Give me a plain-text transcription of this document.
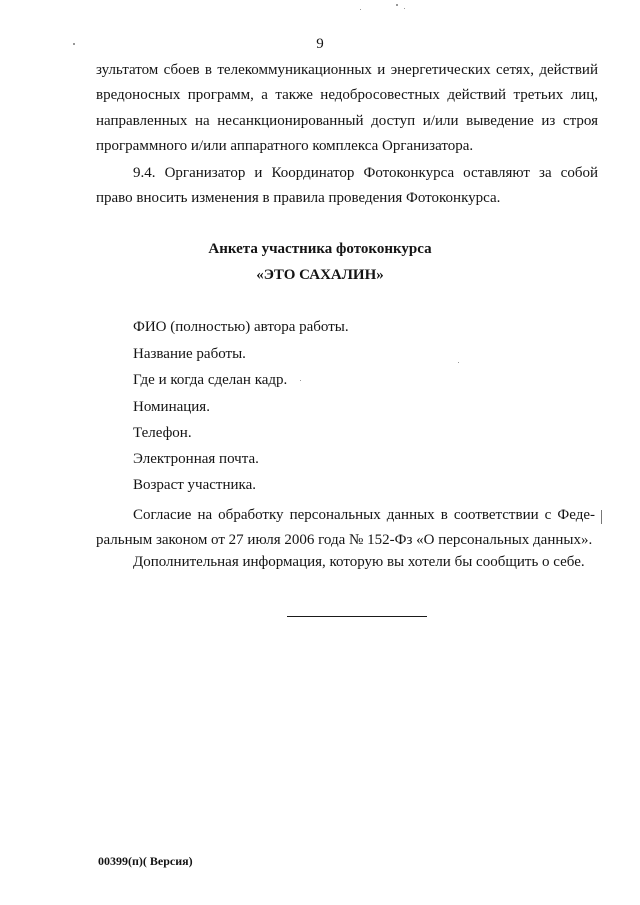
9
зультатом сбоев в телекоммуникационных и энергетических сетях, действий
вредоносных программ, а также недобросовестных действий третьих лиц,
направленных на несанкционированный доступ и/или выведение из строя
программного и/или аппаратного комплекса Организатора.
9.4. Организатор и Координатор Фотоконкурса оставляют за собой
право вносить изменения в правила проведения Фотоконкурса.
Анкета участника фотоконкурса
«ЭТО САХАЛИН»
ФИО (полностью) автора работы.
Название работы.
Где и когда сделан кадр.
Номинация.
Телефон.
Электронная почта.
Возраст участника.
Согласие на обработку персональных данных в соответствии с Феде-
ральным законом от 27 июля 2006 года № 152-Фз «О персональных данных».
Дополнительная информация, которую вы хотели бы сообщить о себе.
00399(п)( Версия)
